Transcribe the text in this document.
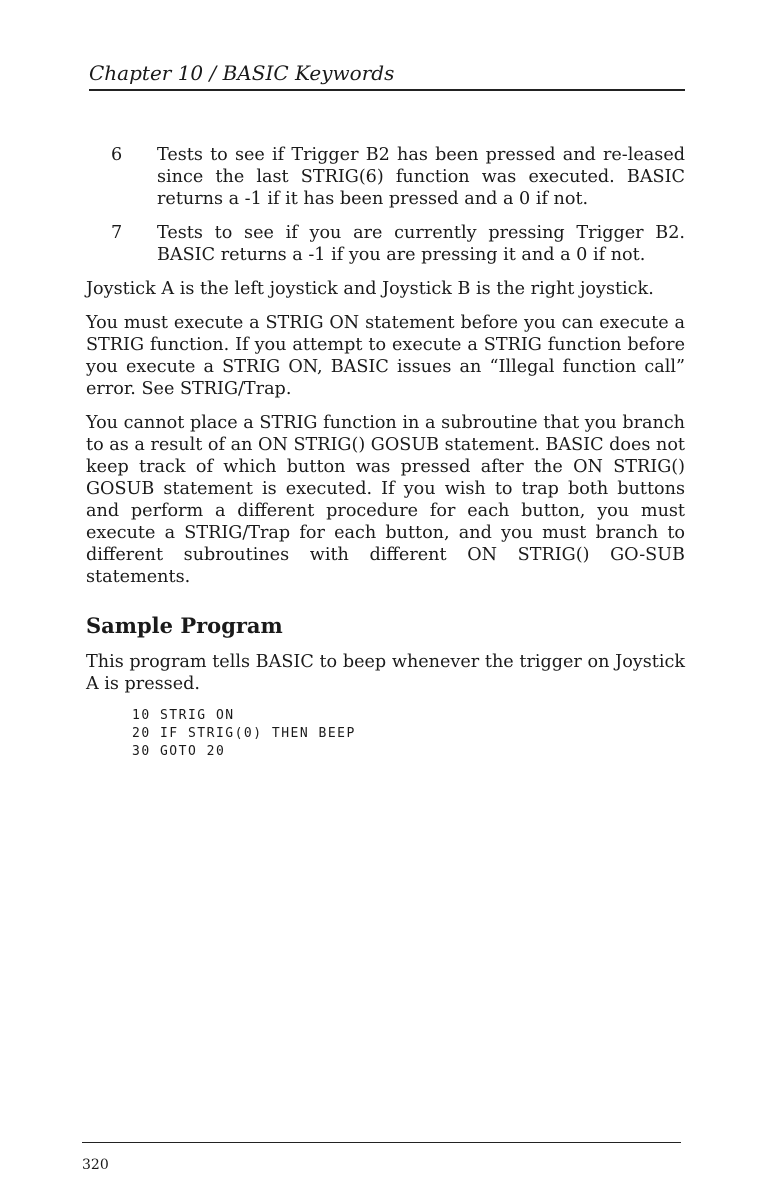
Chapter 10 / BASIC Keywords
6	Tests to see if Trigger B2 has been pressed and re-leased since the last STRIG(6) function was executed. BASIC returns a -1 if it has been pressed and a 0 if not.
7	Tests to see if you are currently pressing Trigger B2. BASIC returns a -1 if you are pressing it and a 0 if not.

Joystick A is the left joystick and Joystick B is the right joystick.

You must execute a STRIG ON statement before you can execute a STRIG function. If you attempt to execute a STRIG function before you execute a STRIG ON, BASIC issues an “Illegal function call” error. See STRIG/Trap.

You cannot place a STRIG function in a subroutine that you branch to as a result of an ON STRIG() GOSUB statement. BASIC does not keep track of which button was pressed after the ON STRIG() GOSUB statement is executed. If you wish to trap both buttons and perform a different procedure for each button, you must execute a STRIG/Trap for each button, and you must branch to different subroutines with different ON STRIG() GO-SUB statements.

Sample Program

This program tells BASIC to beep whenever the trigger on Joystick A is pressed.

10 STRIG ON
20 IF STRIG(0) THEN BEEP
30 GOTO 20
320
